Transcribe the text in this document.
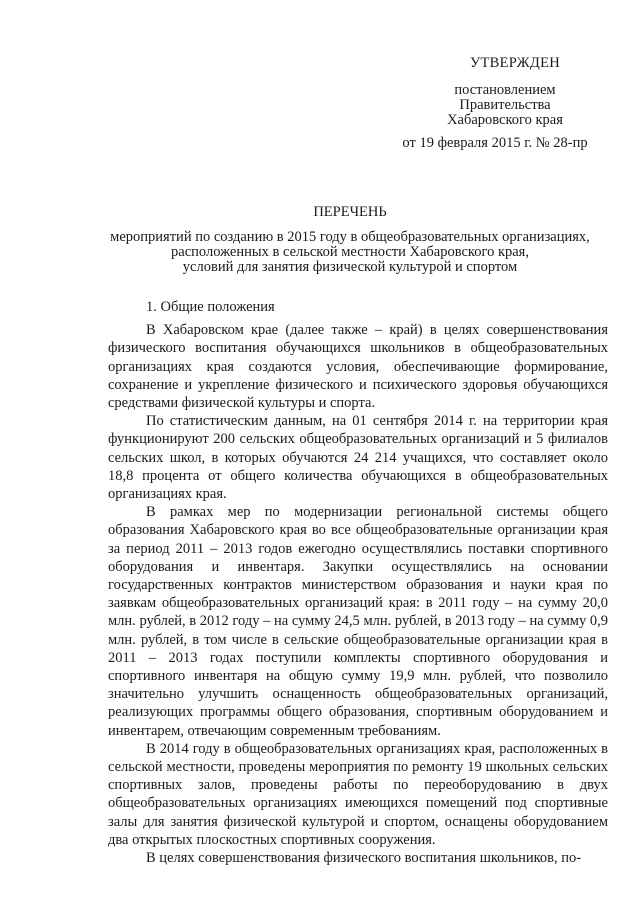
УТВЕРЖДЕН
постановлением
Правительства
Хабаровского края
от 19 февраля 2015 г. № 28-пр
ПЕРЕЧЕНЬ
мероприятий по созданию в 2015 году в общеобразовательных организациях,
расположенных в сельской местности Хабаровского края,
условий для занятия физической культурой и спортом
1. Общие положения

В Хабаровском крае (далее также – край) в целях совершенствования физического воспитания обучающихся школьников в общеобразовательных организациях края создаются условия, обеспечивающие формирование, сохранение и укрепление физического и психического здоровья обучающихся средствами физической культуры и спорта.

По статистическим данным, на 01 сентября 2014 г. на территории края функционируют 200 сельских общеобразовательных организаций и 5 филиалов сельских школ, в которых обучаются 24 214 учащихся, что составляет около 18,8 процента от общего количества обучающихся в общеобразовательных организациях края.

В рамках мер по модернизации региональной системы общего образования Хабаровского края во все общеобразовательные организации края за период 2011 – 2013 годов ежегодно осуществлялись поставки спортивного оборудования и инвентаря. Закупки осуществлялись на основании государственных контрактов министерством образования и науки края по заявкам общеобразовательных организаций края: в 2011 году – на сумму 20,0 млн. рублей, в 2012 году – на сумму 24,5 млн. рублей, в 2013 году – на сумму 0,9 млн. рублей, в том числе в сельские общеобразовательные организации края в 2011 – 2013 годах поступили комплекты спортивного оборудования и спортивного инвентаря на общую сумму 19,9 млн. рублей, что позволило значительно улучшить оснащенность общеобразовательных организаций, реализующих программы общего образования, спортивным оборудованием и инвентарем, отвечающим современным требованиям.

В 2014 году в общеобразовательных организациях края, расположенных в сельской местности, проведены мероприятия по ремонту 19 школьных сельских спортивных залов, проведены работы по переоборудованию в двух общеобразовательных организациях имеющихся помещений под спортивные залы для занятия физической культурой и спортом, оснащены оборудованием два открытых плоскостных спортивных сооружения.

В целях совершенствования физического воспитания школьников, по-
